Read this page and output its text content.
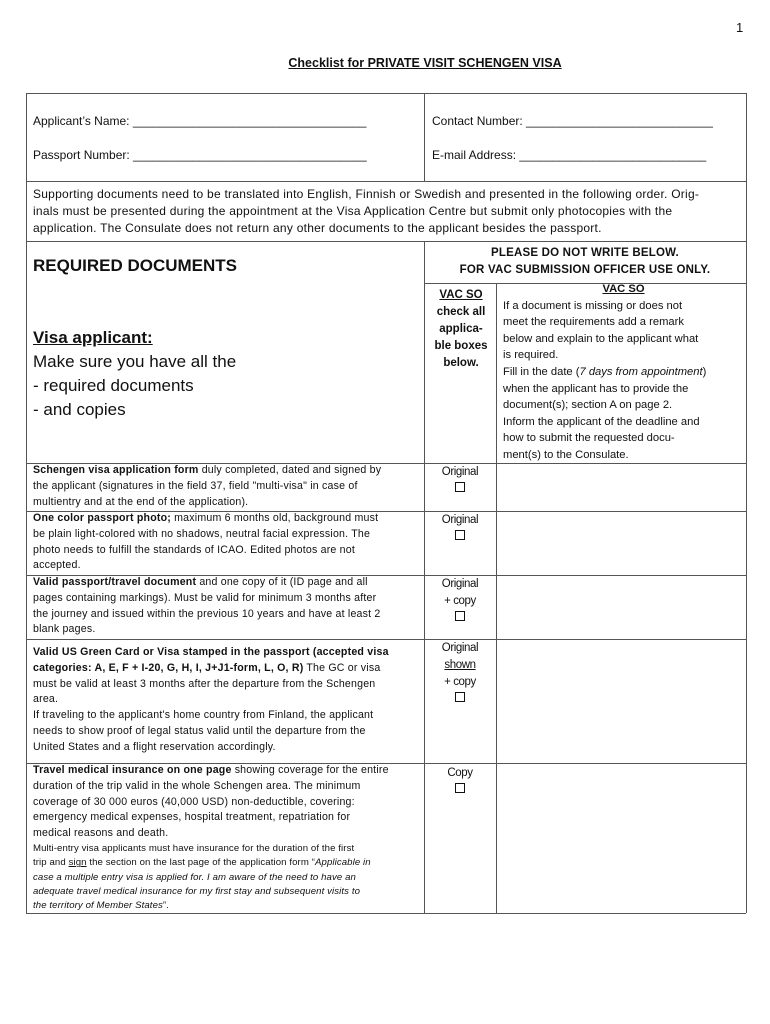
1
Checklist for PRIVATE VISIT SCHENGEN VISA
Applicant’s Name: ___________________________________
Passport Number: ___________________________________
Contact Number: ____________________________
E-mail Address: ____________________________
Supporting documents need to be translated into English, Finnish or Swedish and presented in the following order. Orig-
inals must be presented during the appointment at the Visa Application Centre but submit only photocopies with the
application. The Consulate does not return any other documents to the applicant besides the passport.
REQUIRED DOCUMENTS
Visa applicant:
Make sure you have all the
- required documents
- and copies
PLEASE DO NOT WRITE BELOW.
FOR VAC SUBMISSION OFFICER USE ONLY.
VAC SO
check all
applica-
ble boxes
below.
VAC SO
If a document is missing or does not
meet the requirements add a remark
below and explain to the applicant what
is required.
Fill in the date (7 days from appointment)
when the applicant has to provide the
document(s); section A on page 2.
Inform the applicant of the deadline and
how to submit the requested docu-
ment(s) to the Consulate.
Schengen visa application form duly completed, dated and signed by
the applicant (signatures in the field 37, field "multi-visa" in case of
multientry and at the end of the application).
Original
One color passport photo; maximum 6 months old, background must
be plain light-colored with no shadows, neutral facial expression. The
photo needs to fulfill the standards of ICAO. Edited photos are not
accepted.
Original
Valid passport/travel document and one copy of it (ID page and all
pages containing markings). Must be valid for minimum 3 months after
the journey and issued within the previous 10 years and have at least 2
blank pages.
Original
+ copy
Valid US Green Card or Visa stamped in the passport (accepted visa
categories: A, E, F + I-20, G, H, I, J+J1-form, L, O, R) The GC or visa
must be valid at least 3 months after the departure from the Schengen
area.
If traveling to the applicant's home country from Finland, the applicant
needs to show proof of legal status valid until the departure from the
United States and a flight reservation accordingly.
Original
shown
+ copy
Travel medical insurance on one page showing coverage for the entire
duration of the trip valid in the whole Schengen area. The minimum
coverage of 30 000 euros (40,000 USD) non-deductible, covering:
emergency medical expenses, hospital treatment, repatriation for
medical reasons and death.
Multi-entry visa applicants must have insurance for the duration of the first
trip and sign the section on the last page of the application form “Applicable in
case a multiple entry visa is applied for. I am aware of the need to have an
adequate travel medical insurance for my first stay and subsequent visits to
the territory of Member States”.
Copy
